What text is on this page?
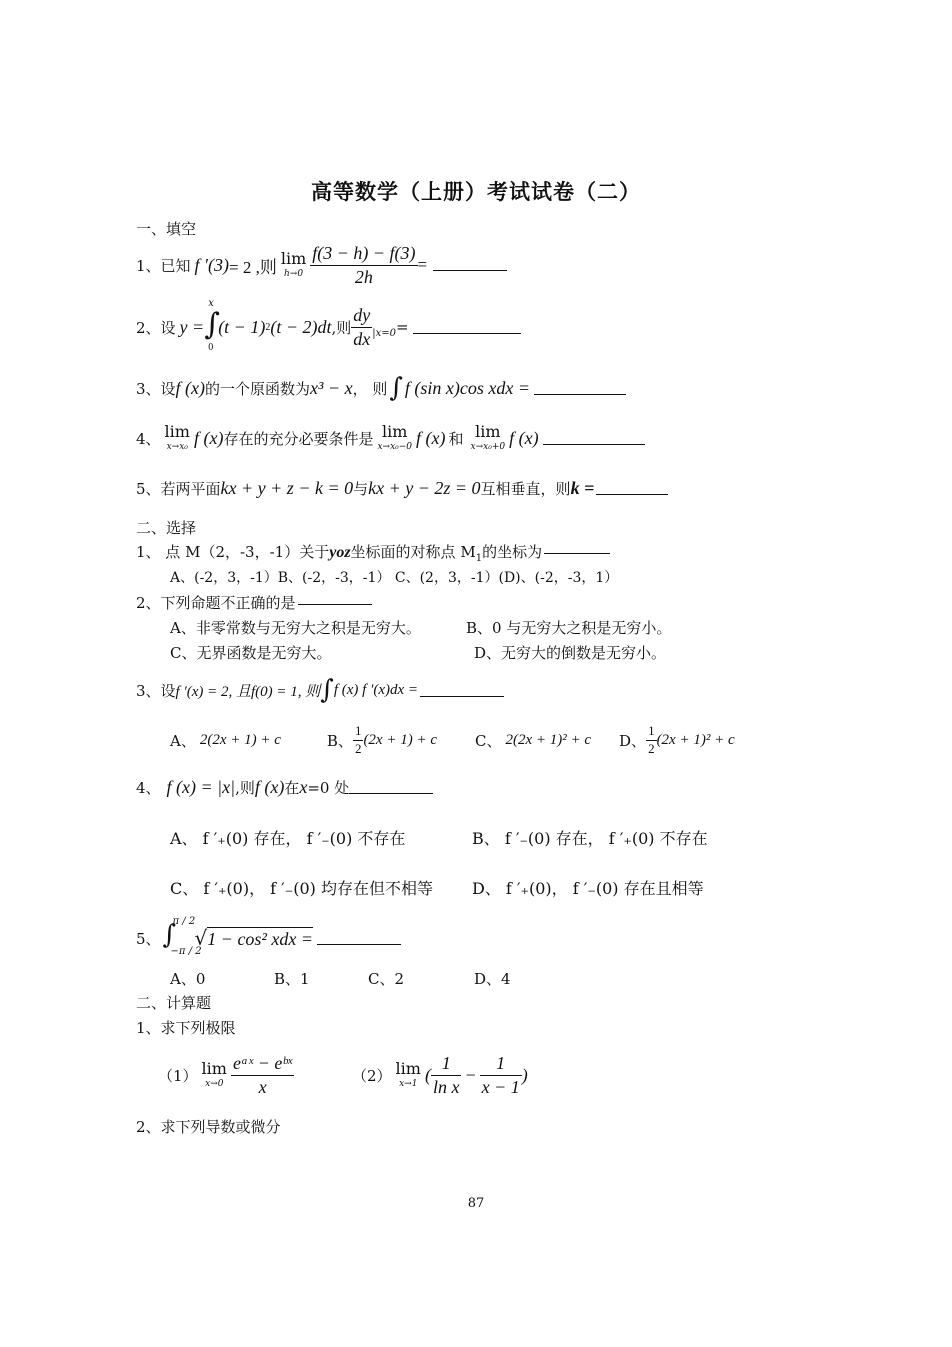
高等数学（上册）考试试卷（二）
一、填空
1、已知 f ′(3) = 2 ,则 lim
$h\to 0 \frac{f(3 - h) - f(3)}{2h}$ =
2、设 y = ∫
x
0
(t − 1) 2 (t − 2)dt ,则 $\frac{dy}{dx} |x=0$ =
3、设 f (x) 的一个原函数为 x³ − x ， 则 ∫ f (sin x)cos xdx =
4、 lim
x→x₀ f (x) 存在的充分必要条件是 lim
x→x₀−0 f (x) 和 lim
x→x₀+0 f (x)
5、若两平面 kx + y + z − k = 0 与 kx + y − 2z = 0 互相垂直，则 k =
二、选择
1、 点 M（2，-3，-1）关于yoz坐标面的对称点 $M_1$的坐标为
A、(-2，3，-1）B、(-2，-3，-1） C、(2，3，-1）(D)、(-2，-3，1）
2、下列命题不正确的是
A、非零常数与无穷大之积是无穷大。	B、0 与无穷大之积是无穷小。
C、无界函数是无穷大。	D、无穷大的倒数是无穷小。
3、设 f ′(x) = 2, 且f(0) = 1, 则 ∫ f (x) f ′(x)dx =
A、 2(2x + 1) + c	B、 $\frac{1}{2} (2x + 1) + c$	C、 2(2x + 1)² + c D、 $\frac{1}{2} (2x + 1)^2 + c$
4、 f (x) = |x| ,则 f (x) 在 x =0 处
A、 f ′₊(0) 存在， f ′₋(0) 不存在	B、 f ′₋(0) 存在， f ′₊(0) 不存在
C、 f ′₊(0)， f ′₋(0) 均存在但不相等 D、 f ′₊(0)， f ′₋(0) 存在且相等
5、 ∫
π / 2
−π / 2
√ 1 − cos² xdx =
A、0	B、1	C、2	D、4
二、计算题
1、求下列极限
（1） lim
$x\to 0 \frac{\text{eᵃˣ − eᵇˣ}}{x}$	（2） lim
x→1 ( $\frac{1}{\text{ln x}} - \frac{1}{x - 1}$ )
2、求下列导数或微分
87
